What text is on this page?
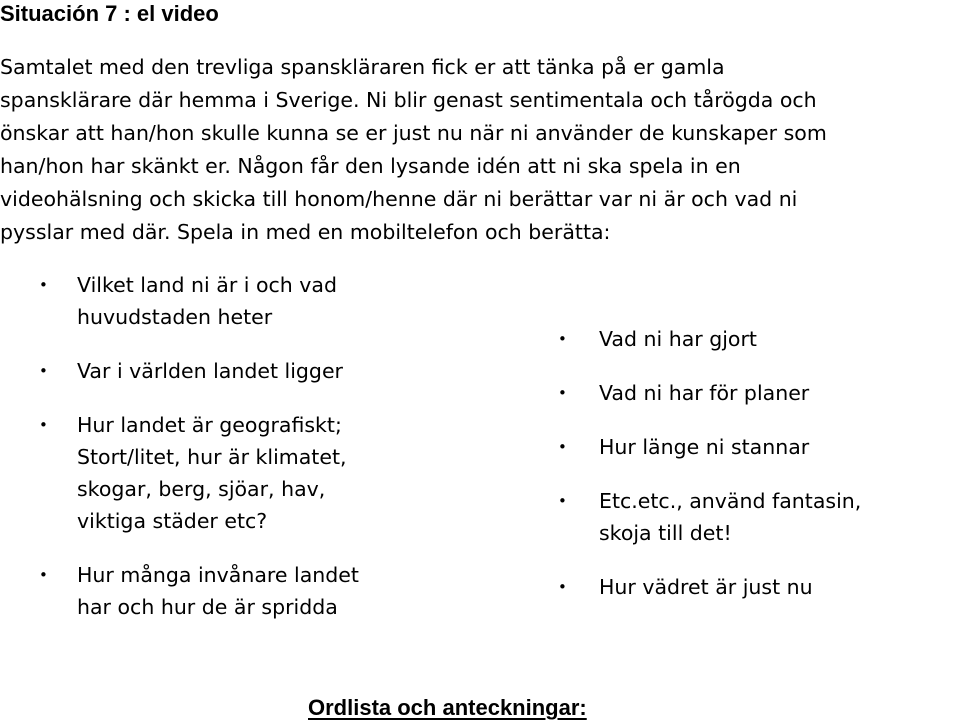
Situación 7 : el video

Samtalet med den trevliga spanskläraren fick er att tänka på er gamla
spansklärare där hemma i Sverige. Ni blir genast sentimentala och tårögda och
önskar att han/hon skulle kunna se er just nu när ni använder de kunskaper som
han/hon har skänkt er. Någon får den lysande idén att ni ska spela in en
videohälsning och skicka till honom/henne där ni berättar var ni är och vad ni
pysslar med där. Spela in med en mobiltelefon och berätta:

• Vilket land ni är i och vad
huvudstaden heter
• Var i världen landet ligger
• Hur landet är geografiskt;
Stort/litet, hur är klimatet,
skogar, berg, sjöar, hav,
viktiga städer etc?
• Hur många invånare landet
har och hur de är spridda
• Vad ni har gjort
• Vad ni har för planer
• Hur länge ni stannar
• Etc.etc., använd fantasin,
skoja till det!
• Hur vädret är just nu
Ordlista och anteckningar:
